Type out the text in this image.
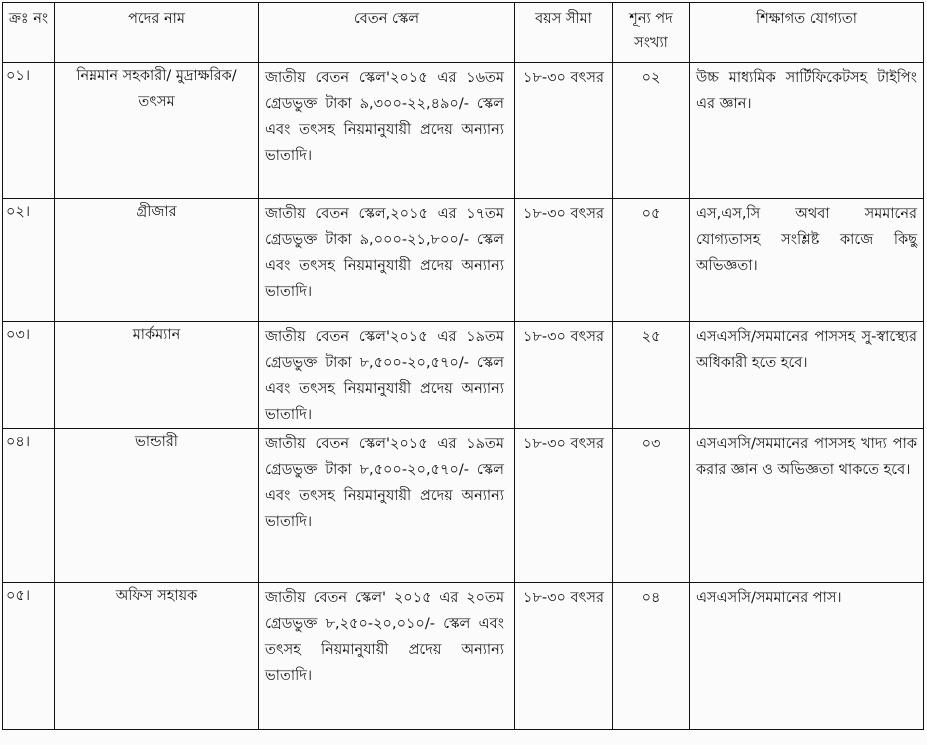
ক্রঃ নং	পদের নাম	বেতন স্কেল	বয়স সীমা	শূন্য পদ সংখ্যা	শিক্ষাগত যোগ্যতা
০১।	নিম্নমান সহকারী/ মুদ্রাক্ষরিক/তৎসম	জাতীয় বেতন স্কেল'২০১৫ এর ১৬তম গ্রেডভুক্ত টাকা ৯,৩০০-২২,৪৯০/- স্কেল এবং তৎসহ নিয়মানুযায়ী প্রদেয় অন্যান্য ভাতাদি।	১৮-৩০ বৎসর	০২	উচ্চ মাধ্যমিক সার্টিফিকেটসহ টাইপিং এর জ্ঞান।
০২।	গ্রীজার	জাতীয় বেতন স্কেল,২০১৫ এর ১৭তম গ্রেডভুক্ত টাকা ৯,০০০-২১,৮০০/- স্কেল এবং তৎসহ নিয়মানুযায়ী প্রদেয় অন্যান্য ভাতাদি।	১৮-৩০ বৎসর	০৫	এস,এস,সি অথবা সমমানের যোগ্যতাসহ সংশ্লিষ্ট কাজে কিছু অভিজ্ঞতা।
০৩।	মার্কম্যান	জাতীয় বেতন স্কেল'২০১৫ এর ১৯তম গ্রেডভুক্ত টাকা ৮,৫০০-২০,৫৭০/- স্কেল এবং তৎসহ নিয়মানুযায়ী প্রদেয় অন্যান্য ভাতাদি।	১৮-৩০ বৎসর	২৫	এসএসসি/সমমানের পাসসহ সু-স্বাস্থ্যের অধিকারী হতে হবে।
০৪।	ভান্ডারী	জাতীয় বেতন স্কেল'২০১৫ এর ১৯তম গ্রেডভুক্ত টাকা ৮,৫০০-২০,৫৭০/- স্কেল এবং তৎসহ নিয়মানুযায়ী প্রদেয় অন্যান্য ভাতাদি।	১৮-৩০ বৎসর	০৩	এসএসসি/সমমানের পাসসহ খাদ্য পাক করার জ্ঞান ও অভিজ্ঞতা থাকতে হবে।
০৫।	অফিস সহায়ক	জাতীয় বেতন স্কেল' ২০১৫ এর ২০তম গ্রেডভুক্ত ৮,২৫০-২০,০১০/- স্কেল এবং তৎসহ নিয়মানুযায়ী প্রদেয় অন্যান্য ভাতাদি।	১৮-৩০ বৎসর	০৪	এসএসসি/সমমানের পাস।
